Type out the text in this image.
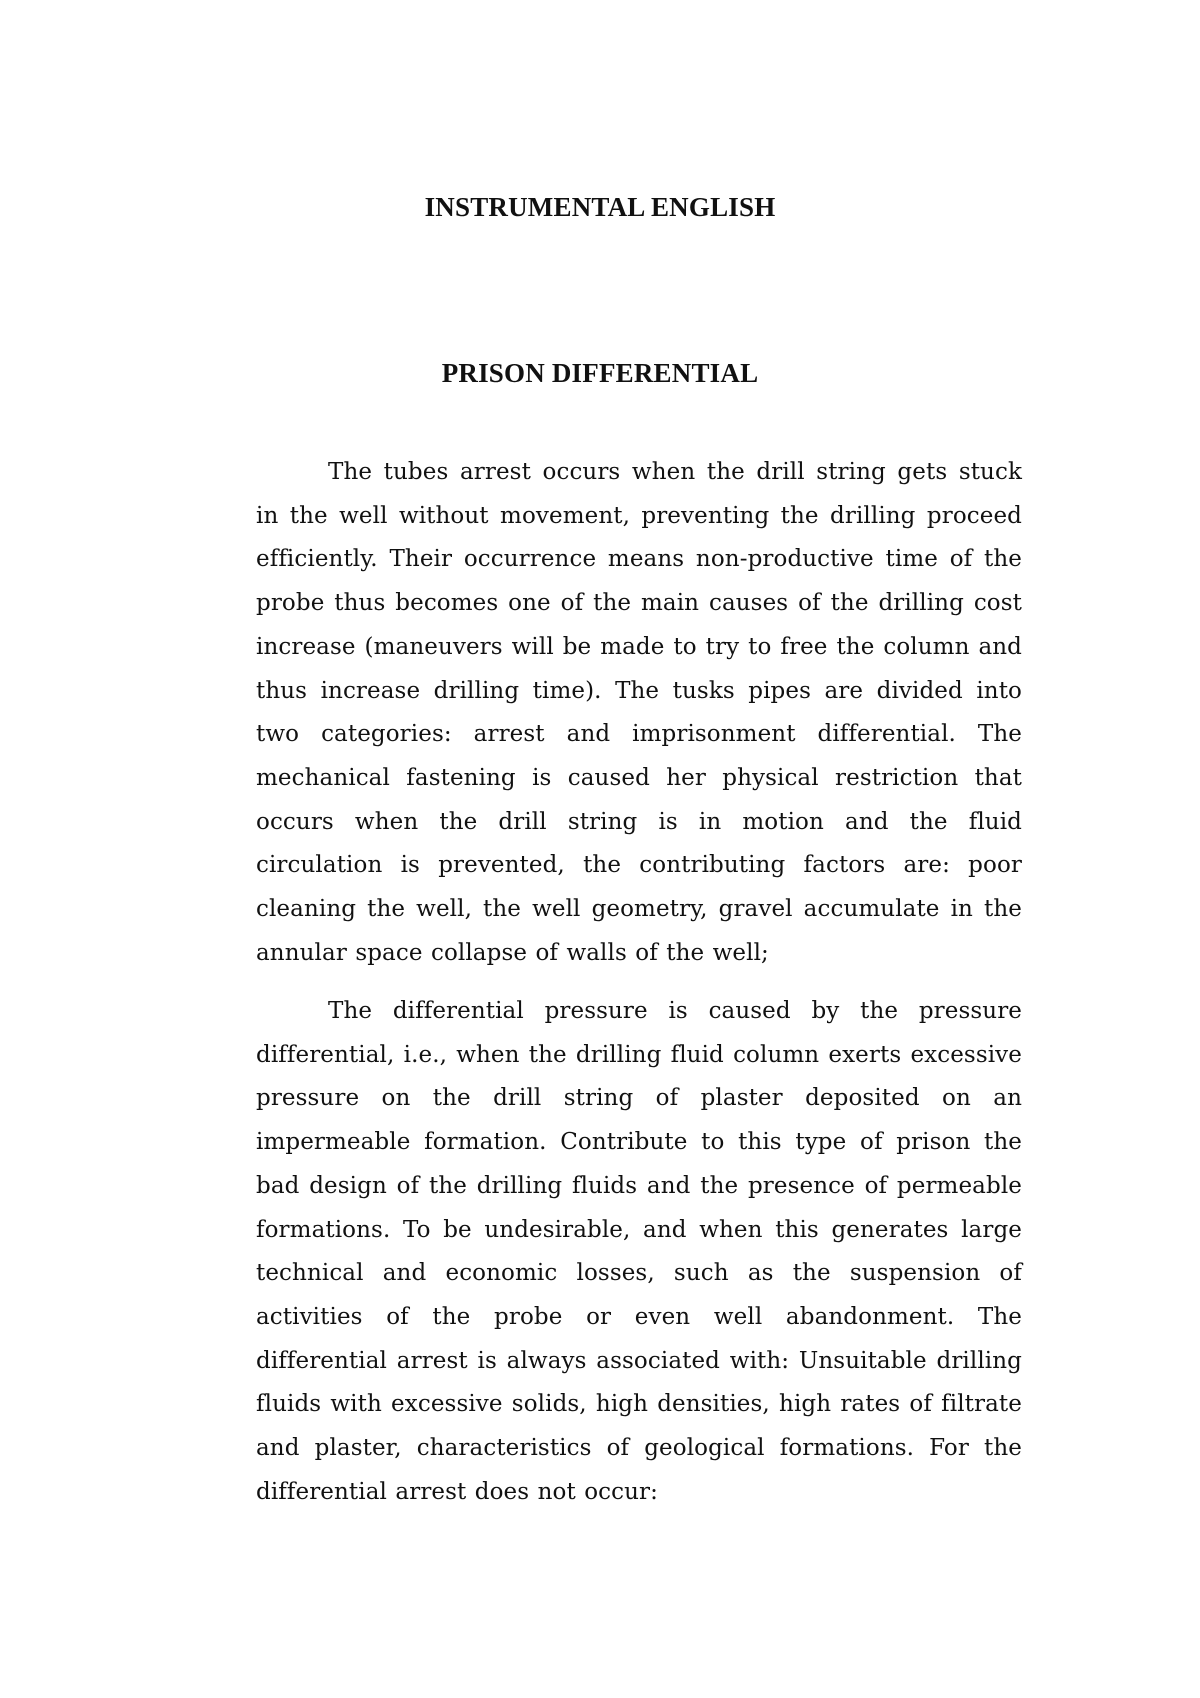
INSTRUMENTAL ENGLISH
PRISON DIFFERENTIAL

The tubes arrest occurs when the drill string gets stuck in the well without movement, preventing the drilling proceed efficiently. Their occurrence means non-productive time of the probe thus becomes one of the main causes of the drilling cost increase (maneuvers will be made to try to free the column and thus increase drilling time). The tusks pipes are divided into two categories: arrest and imprisonment differential. The mechanical fastening is caused her physical restriction that occurs when the drill string is in motion and the fluid circulation is prevented, the contributing factors are: poor cleaning the well, the well geometry, gravel accumulate in the annular space collapse of walls of the well;

The differential pressure is caused by the pressure differential, i.e., when the drilling fluid column exerts excessive pressure on the drill string of plaster deposited on an impermeable formation. Contribute to this type of prison the bad design of the drilling fluids and the presence of permeable formations. To be undesirable, and when this generates large technical and economic losses, such as the suspension of activities of the probe or even well abandonment. The differential arrest is always associated with: Unsuitable drilling fluids with excessive solids, high densities, high rates of filtrate and plaster, characteristics of geological formations. For the differential arrest does not occur:
